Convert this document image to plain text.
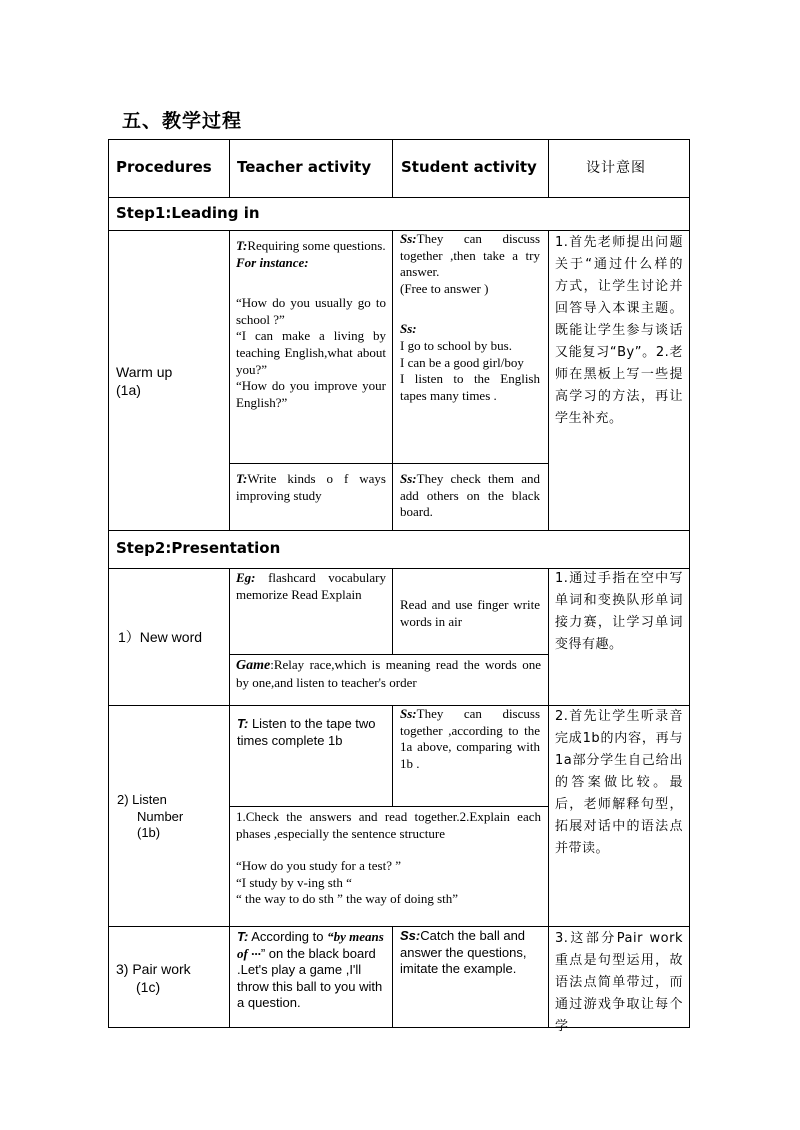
五、教学过程
Procedures Teacher activity Student activity	设计意图
Step1:Leading in
Warm up
(1a)
T:Requiring some questions.
For instance:
“How do you usually go to school ?”
“I can make a living by teaching English,what about you?”
“How do you improve your English?”
Ss:They can discuss together ,then take a try answer.
(Free to answer )
Ss:
I go to school by bus.
I can be a good girl/boy
I listen to the English tapes many times .
T:Write kinds o f ways improving study
Ss:They check them and add others on the black board.
1.首先老师提出问题关于“通过什么样的方式，让学生讨论并回答导入本课主题。既能让学生参与谈话又能复习“By”。2.老师在黑板上写一些提高学习的方法，再让学生补充。
Step2:Presentation
1）New word
Eg: flashcard vocabulary memorize Read Explain
Read and use finger write words in air
Game:Relay race,which is meaning read the words one by one,and listen to teacher's order
1.通过手指在空中写单词和变换队形单词接力赛，让学习单词变得有趣。
2) Listen
Number
(1b)
T: Listen to the tape two times complete 1b
Ss:They can discuss together ,according to the 1a above, comparing with 1b .
1.Check the answers and read together.2.Explain each phases ,especially the sentence structure
“How do you study for a test? ”
“I study by v-ing sth “
“ the way to do sth ” the way of doing sth”
2.首先让学生听录音完成1b的内容，再与1a部分学生自己给出的答案做比较。最后，老师解释句型，拓展对话中的语法点并带读。
3) Pair work
(1c)
T: According to “by means of ···” on the black board .Let's play a game ,I'll throw this ball to you with a question.
Ss:Catch the ball and answer the questions, imitate the example.
3.这部分Pair work重点是句型运用，故语法点简单带过，而通过游戏争取让每个学
